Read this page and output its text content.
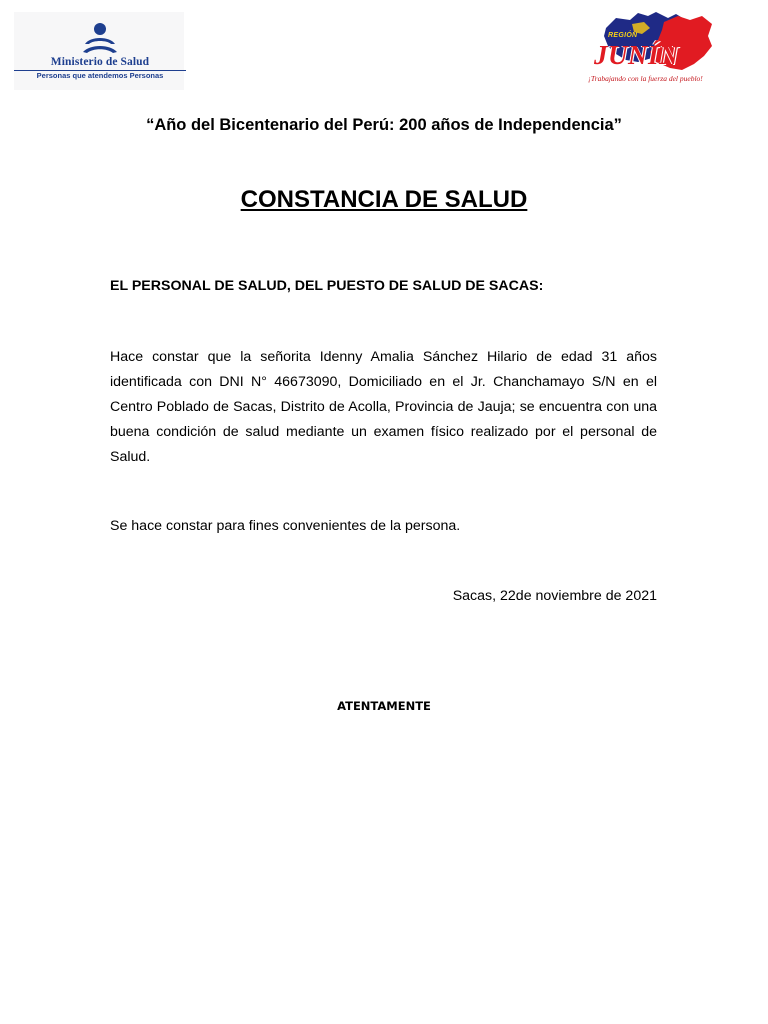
Ministerio de Salud
Personas que atendemos Personas
REGIÓN
JUNÍN
¡Trabajando con la fuerza del pueblo!
“Año del Bicentenario del Perú: 200 años de Independencia”
CONSTANCIA DE SALUD
EL PERSONAL DE SALUD, DEL PUESTO DE SALUD DE SACAS:
Hace constar que la señorita Idenny Amalia Sánchez Hilario de edad 31 años identificada con DNI N° 46673090, Domiciliado en el Jr. Chanchamayo S/N en el Centro Poblado de Sacas, Distrito de Acolla, Provincia de Jauja; se encuentra con una buena condición de salud mediante un examen físico realizado por el personal de Salud.
Se hace constar para fines convenientes de la persona.
Sacas, 22de noviembre de 2021
ATENTAMENTE
